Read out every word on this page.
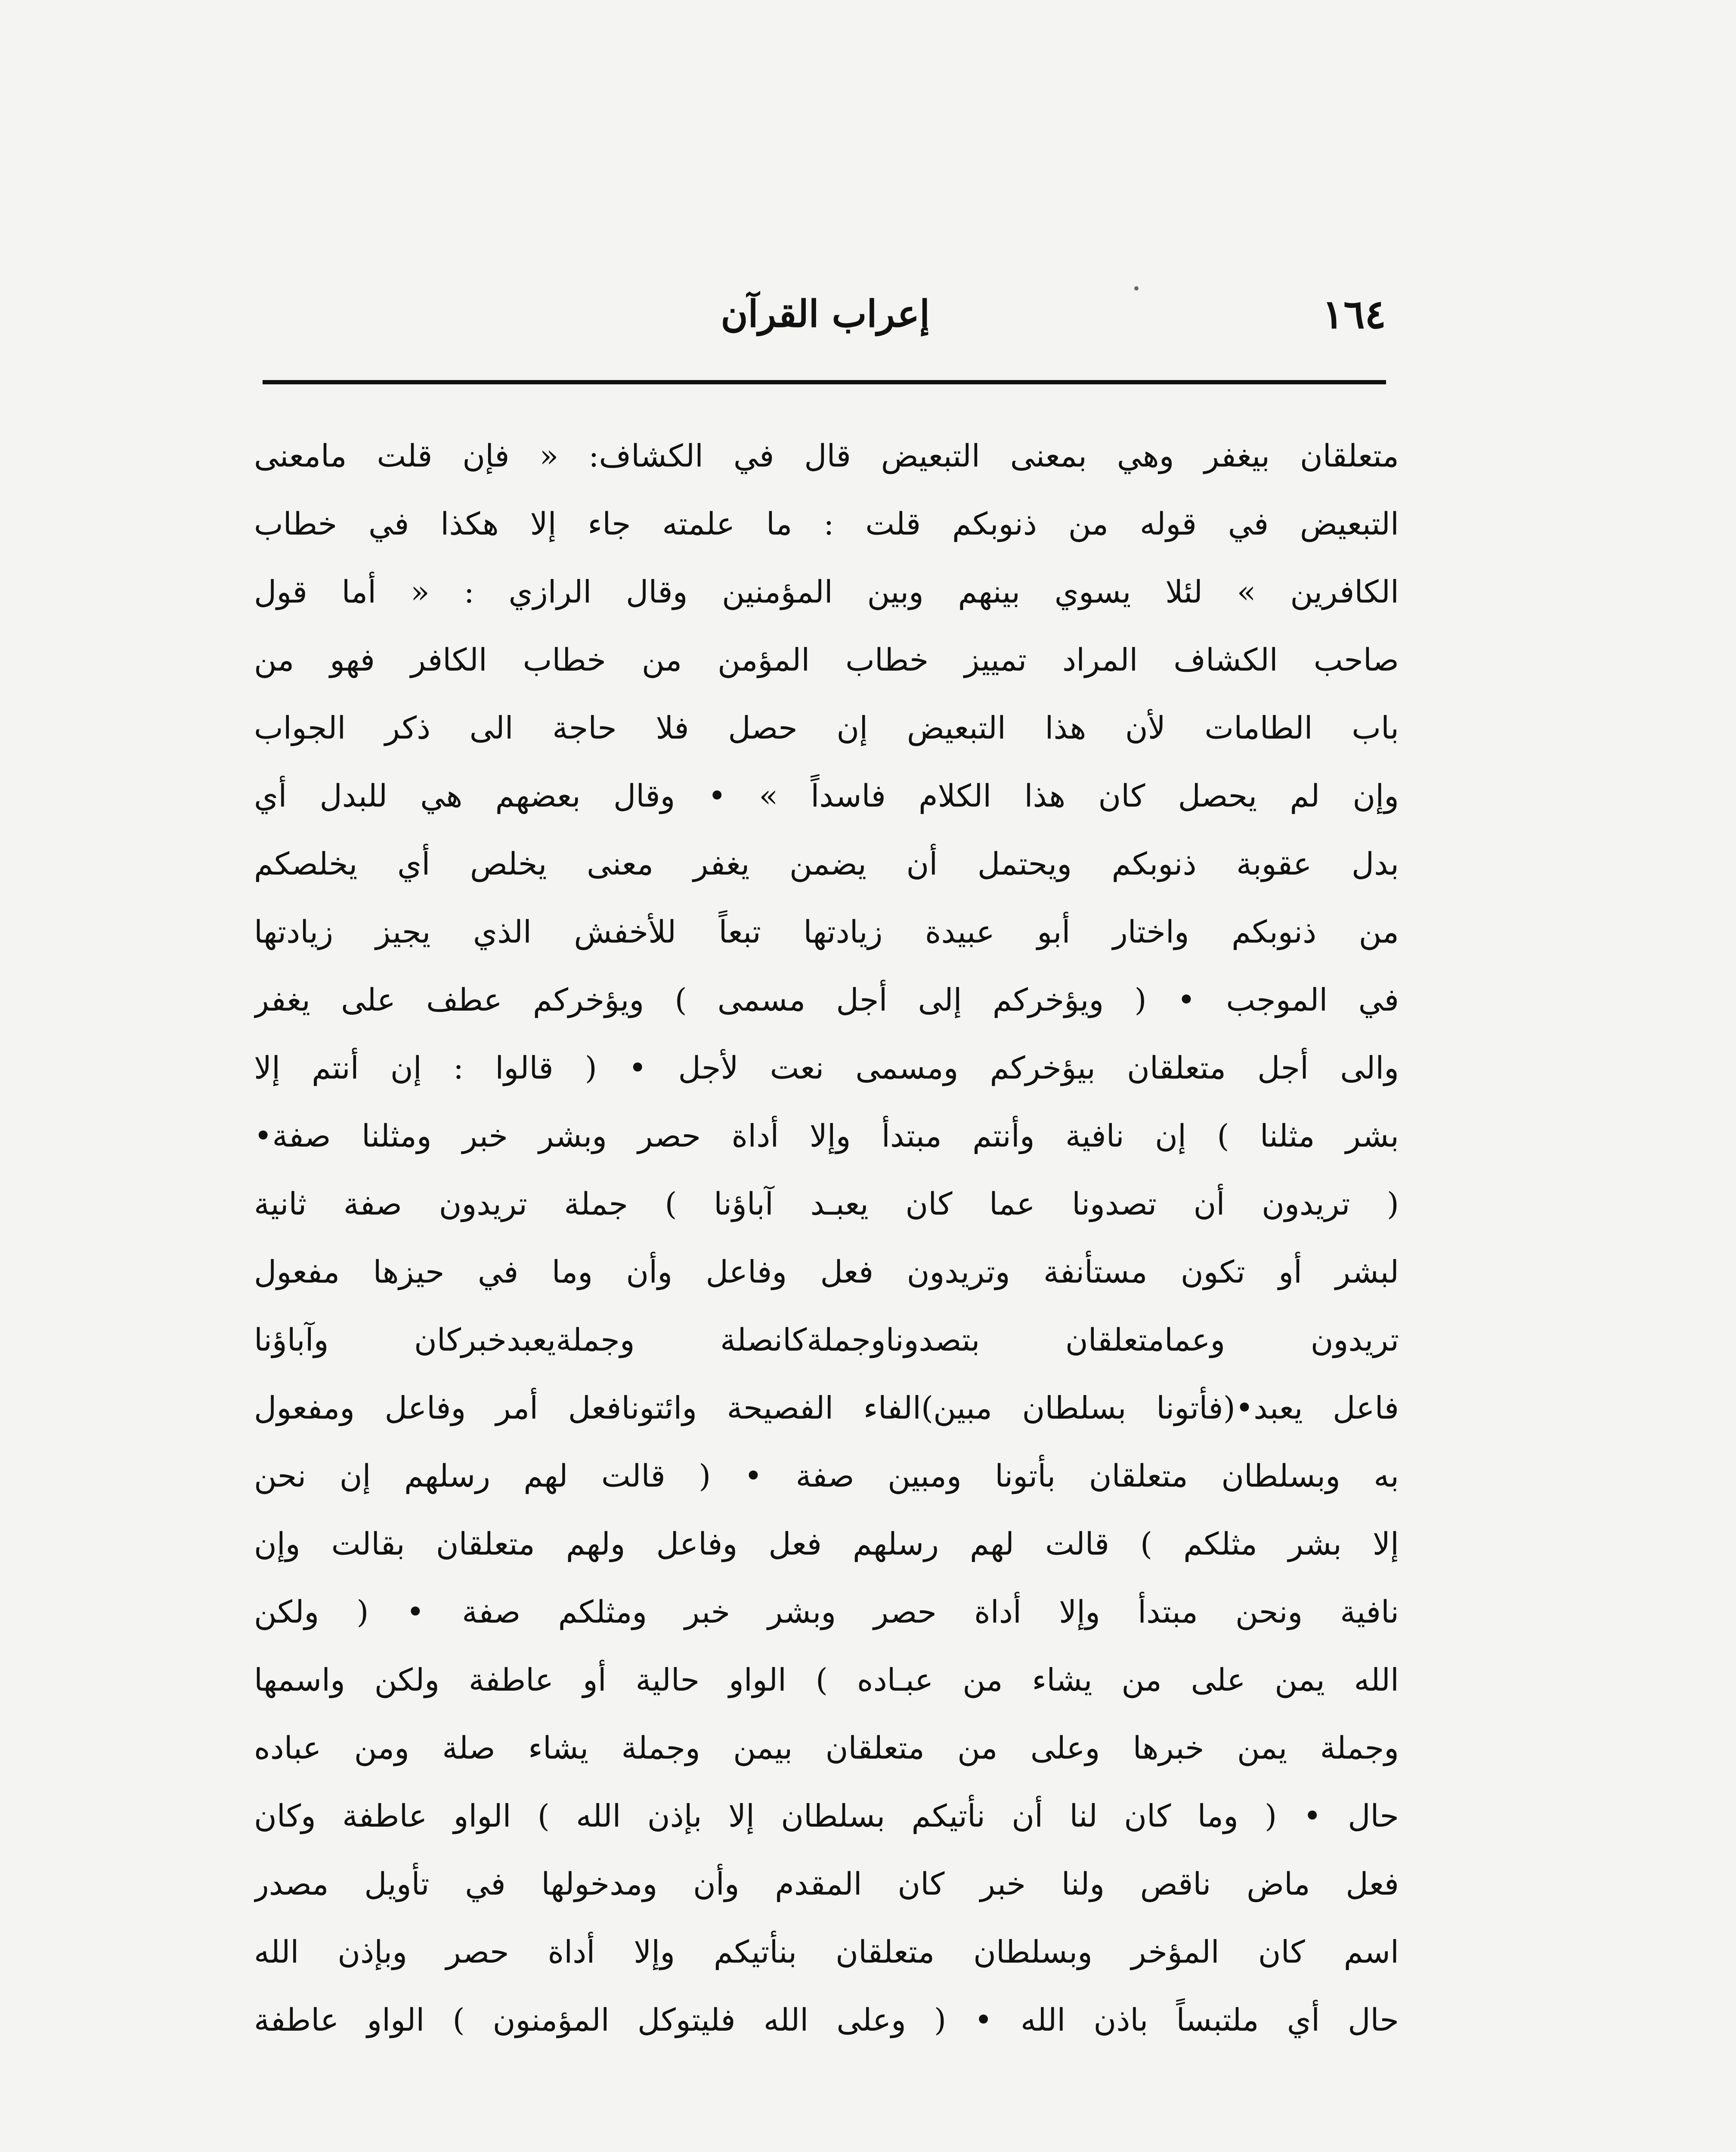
١٦٤
إعراب القرآن
متعلقان بيغفر وهي بمعنى التبعيض قال في الكشاف: « فإن قلت مامعنى
التبعيض في قوله من ذنوبكم قلت : ما علمته جاء إلا هكذا في خطاب
الكافرين » لئلا يسوي بينهم وبين المؤمنين وقال الرازي : « أما قول
صاحب الكشاف المراد تمييز خطاب المؤمن من خطاب الكافر فهو من
باب الطامات لأن هذا التبعيض إن حصل فلا حاجة الى ذكر الجواب
وإن لم يحصل كان هذا الكلام فاسداً » • وقال بعضهم هي للبدل أي
بدل عقوبة ذنوبكم ويحتمل أن يضمن يغفر معنى يخلص أي يخلصكم
من ذنوبكم واختار أبو عبيدة زيادتها تبعاً للأخفش الذي يجيز زيادتها
في الموجب • ( ويؤخركم إلى أجل مسمى ) ويؤخركم عطف على يغفر
والى أجل متعلقان بيؤخركم ومسمى نعت لأجل • ( قالوا : إن أنتم إلا
بشر مثلنا ) إن نافية وأنتم مبتدأ وإلا أداة حصر وبشر خبر ومثلنا صفة•
( تريدون أن تصدونا عما كان يعبـد آباؤنا ) جملة تريدون صفة ثانية
لبشر أو تكون مستأنفة وتريدون فعل وفاعل وأن وما في حيزها مفعول
تريدون وعمامتعلقان بتصدوناوجملةكانصلة وجملةيعبدخبركان وآباؤنا
فاعل يعبد•(فأتونا بسلطان مبين)الفاء الفصيحة وائتونافعل أمر وفاعل ومفعول
به وبسلطان متعلقان بأتونا ومبين صفة • ( قالت لهم رسلهم إن نحن
إلا بشر مثلكم ) قالت لهم رسلهم فعل وفاعل ولهم متعلقان بقالت وإن
نافية ونحن مبتدأ وإلا أداة حصر وبشر خبر ومثلكم صفة • ( ولكن
الله يمن على من يشاء من عبـاده ) الواو حالية أو عاطفة ولكن واسمها
وجملة يمن خبرها وعلى من متعلقان بيمن وجملة يشاء صلة ومن عباده
حال • ( وما كان لنا أن نأتيكم بسلطان إلا بإذن الله ) الواو عاطفة وكان
فعل ماض ناقص ولنا خبر كان المقدم وأن ومدخولها في تأويل مصدر
اسم كان المؤخر وبسلطان متعلقان بنأتيكم وإلا أداة حصر وبإذن الله
حال أي ملتبساً باذن الله • ( وعلى الله فليتوكل المؤمنون ) الواو عاطفة
